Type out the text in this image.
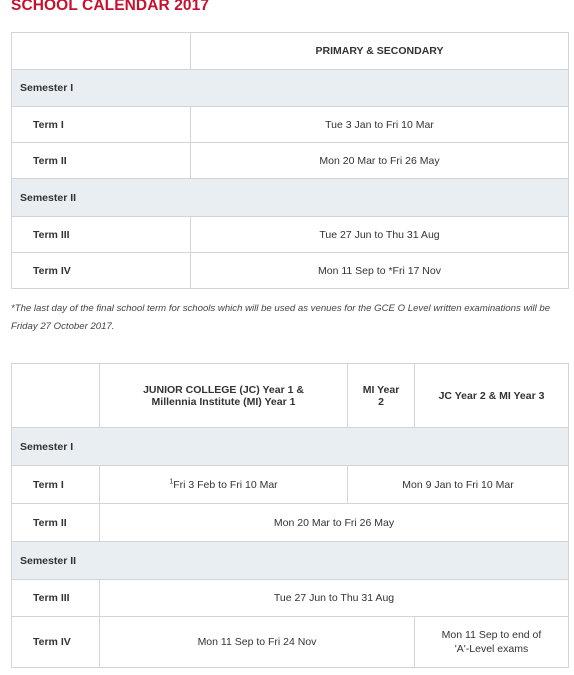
SCHOOL CALENDAR 2017
	PRIMARY & SECONDARY
Semester I	
Term I	Tue 3 Jan to Fri 10 Mar
Term II	Mon 20 Mar to Fri 26 May
Semester II	
Term III	Tue 27 Jun to Thu 31 Aug
Term IV	Mon 11 Sep to *Fri 17 Nov
*The last day of the final school term for schools which will be used as venues for the GCE O Level written examinations will be Friday 27 October 2017.
	JUNIOR COLLEGE (JC) Year 1 & Millennia Institute (MI) Year 1	MI Year 2	JC Year 2 & MI Year 3
Semester I			
Term I	$^1$Fri 3 Feb to Fri 10 Mar	Mon 9 Jan to Fri 10 Mar	
Term II	Mon 20 Mar to Fri 26 May		
Semester II			
Term III	Tue 27 Jun to Thu 31 Aug		
Term IV	Mon 11 Sep to Fri 24 Nov		Mon 11 Sep to end of 'A'-Level exams
